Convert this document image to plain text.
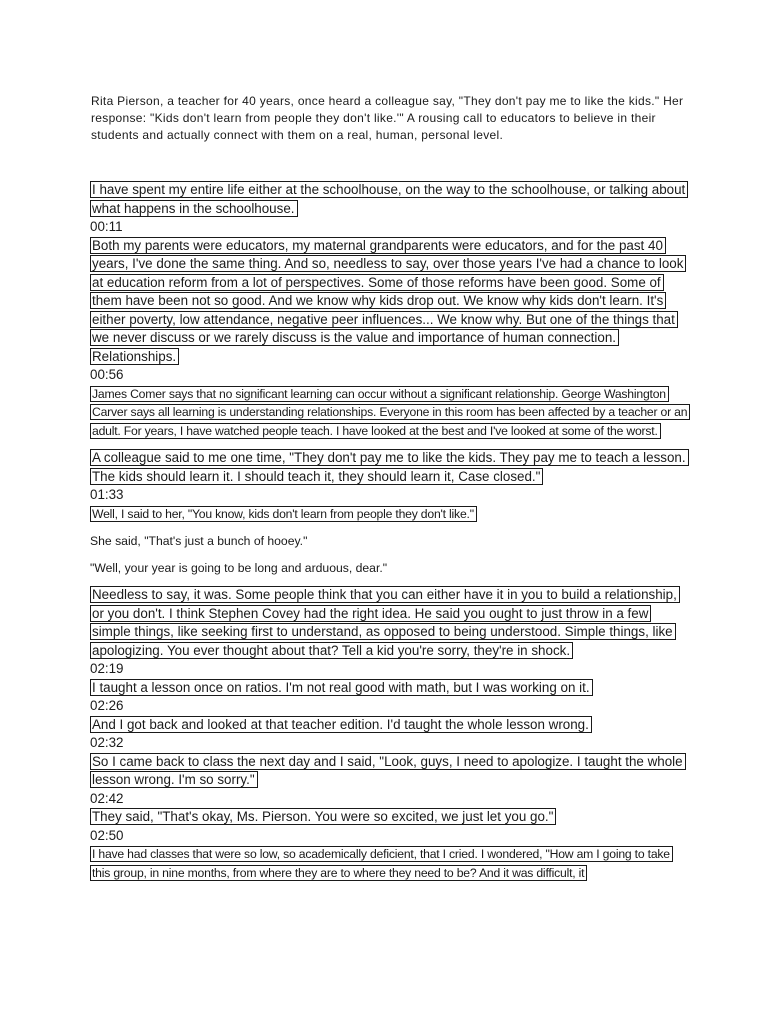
Rita Pierson, a teacher for 40 years, once heard a colleague say, "They don't pay me to like the kids." Her response: "Kids don't learn from people they don't like.'" A rousing call to educators to believe in their students and actually connect with them on a real, human, personal level.

I have spent my entire life either at the schoolhouse, on the way to the schoolhouse, or talking about what happens in the schoolhouse.

00:11

Both my parents were educators, my maternal grandparents were educators, and for the past 40 years, I've done the same thing. And so, needless to say, over those years I've had a chance to look at education reform from a lot of perspectives. Some of those reforms have been good. Some of them have been not so good. And we know why kids drop out. We know why kids don't learn. It's either poverty, low attendance, negative peer influences... We know why. But one of the things that we never discuss or we rarely discuss is the value and importance of human connection. Relationships.

00:56

James Comer says that no significant learning can occur without a significant relationship. George Washington Carver says all learning is understanding relationships. Everyone in this room has been affected by a teacher or an adult. For years, I have watched people teach. I have looked at the best and I've looked at some of the worst.

A colleague said to me one time, "They don't pay me to like the kids. They pay me to teach a lesson. The kids should learn it. I should teach it, they should learn it, Case closed."

01:33

Well, I said to her, "You know, kids don't learn from people they don't like."

She said, "That's just a bunch of hooey."

"Well, your year is going to be long and arduous, dear."

Needless to say, it was. Some people think that you can either have it in you to build a relationship, or you don't. I think Stephen Covey had the right idea. He said you ought to just throw in a few simple things, like seeking first to understand, as opposed to being understood. Simple things, like apologizing. You ever thought about that? Tell a kid you're sorry, they're in shock.

02:19

I taught a lesson once on ratios. I'm not real good with math, but I was working on it.

02:26

And I got back and looked at that teacher edition. I'd taught the whole lesson wrong.

02:32

So I came back to class the next day and I said, "Look, guys, I need to apologize. I taught the whole lesson wrong. I'm so sorry."

02:42

They said, "That's okay, Ms. Pierson. You were so excited, we just let you go."

02:50

I have had classes that were so low, so academically deficient, that I cried. I wondered, "How am I going to take this group, in nine months, from where they are to where they need to be? And it was difficult, it
